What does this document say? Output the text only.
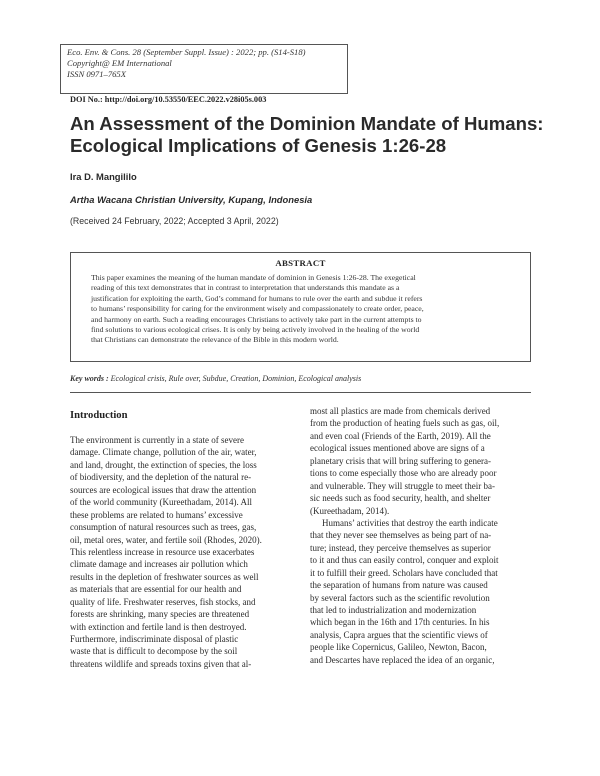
Eco. Env. & Cons. 28 (September Suppl. Issue) : 2022; pp. (S14-S18)
Copyright@ EM International
ISSN 0971–765X
DOI No.: http://doi.org/10.53550/EEC.2022.v28i05s.003
An Assessment of the Dominion Mandate of Humans:
Ecological Implications of Genesis 1:26-28
Ira D. Mangililo
Artha Wacana Christian University, Kupang, Indonesia
(Received 24 February, 2022; Accepted 3 April, 2022)
ABSTRACT
This paper examines the meaning of the human mandate of dominion in Genesis 1:26-28. The exegetical
reading of this text demonstrates that in contrast to interpretation that understands this mandate as a
justification for exploiting the earth, God’s command for humans to rule over the earth and subdue it refers
to humans’ responsibility for caring for the environment wisely and compassionately to create order, peace,
and harmony on earth. Such a reading encourages Christians to actively take part in the current attempts to
find solutions to various ecological crises. It is only by being actively involved in the healing of the world
that Christians can demonstrate the relevance of the Bible in this modern world.
Key words : Ecological crisis, Rule over, Subdue, Creation, Dominion, Ecological analysis
Introduction
The environment is currently in a state of severe
damage. Climate change, pollution of the air, water,
and land, drought, the extinction of species, the loss
of biodiversity, and the depletion of the natural re-
sources are ecological issues that draw the attention
of the world community (Kureethadam, 2014). All
these problems are related to humans’ excessive
consumption of natural resources such as trees, gas,
oil, metal ores, water, and fertile soil (Rhodes, 2020).
This relentless increase in resource use exacerbates
climate damage and increases air pollution which
results in the depletion of freshwater sources as well
as materials that are essential for our health and
quality of life. Freshwater reserves, fish stocks, and
forests are shrinking, many species are threatened
with extinction and fertile land is then destroyed.
Furthermore, indiscriminate disposal of plastic
waste that is difficult to decompose by the soil
threatens wildlife and spreads toxins given that al-
most all plastics are made from chemicals derived
from the production of heating fuels such as gas, oil,
and even coal (Friends of the Earth, 2019). All the
ecological issues mentioned above are signs of a
planetary crisis that will bring suffering to genera-
tions to come especially those who are already poor
and vulnerable. They will struggle to meet their ba-
sic needs such as food security, health, and shelter
(Kureethadam, 2014).
Humans’ activities that destroy the earth indicate
that they never see themselves as being part of na-
ture; instead, they perceive themselves as superior
to it and thus can easily control, conquer and exploit
it to fulfill their greed. Scholars have concluded that
the separation of humans from nature was caused
by several factors such as the scientific revolution
that led to industrialization and modernization
which began in the 16th and 17th centuries. In his
analysis, Capra argues that the scientific views of
people like Copernicus, Galileo, Newton, Bacon,
and Descartes have replaced the idea of an organic,
